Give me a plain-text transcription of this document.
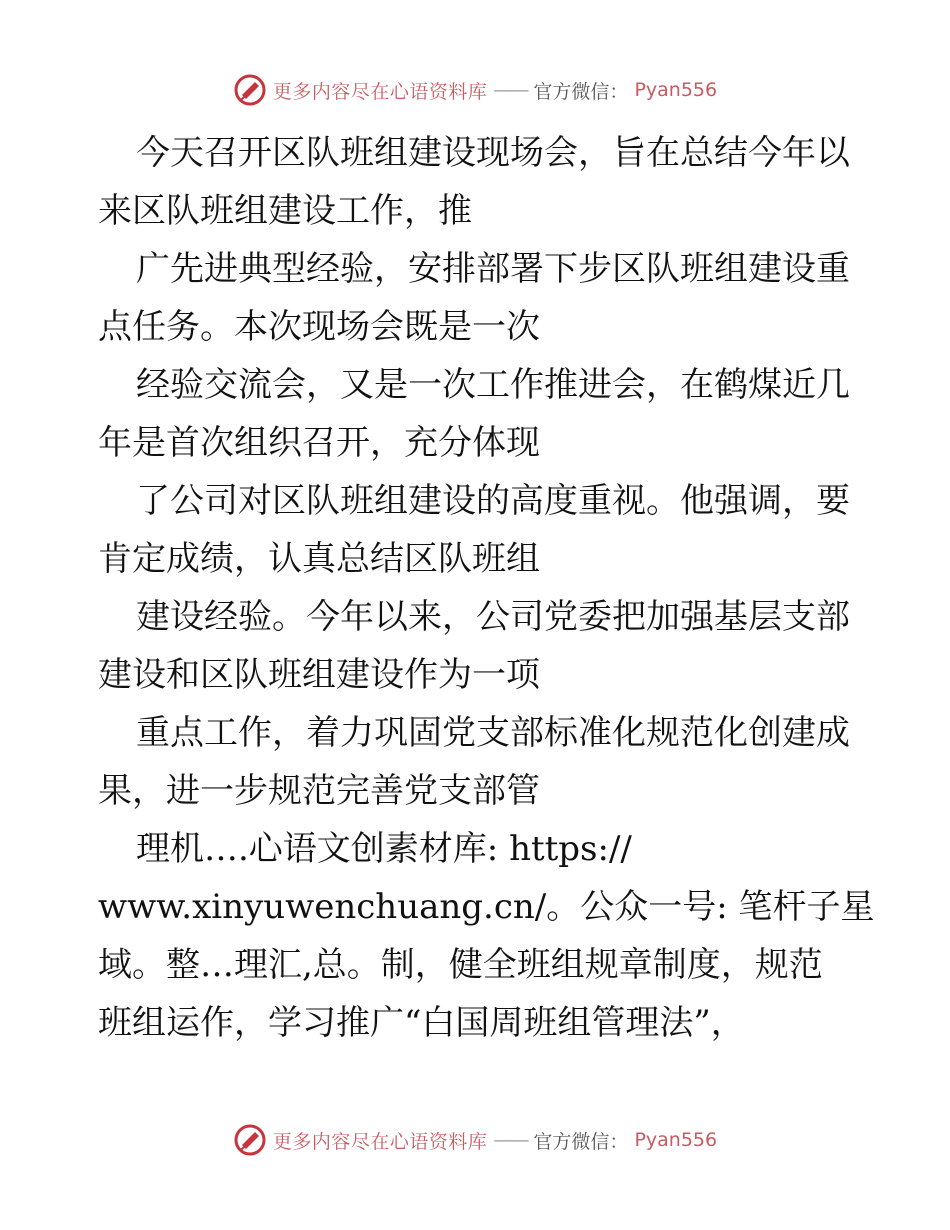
更多内容尽在心语资料库 —— 官方微信： Pyan556

今天召开区队班组建设现场会，旨在总结今年以

来区队班组建设工作，推

广先进典型经验，安排部署下步区队班组建设重

点任务。本次现场会既是一次

经验交流会，又是一次工作推进会，在鹤煤近几

年是首次组织召开，充分体现

了公司对区队班组建设的高度重视。他强调，要

肯定成绩，认真总结区队班组

建设经验。今年以来，公司党委把加强基层支部

建设和区队班组建设作为一项

重点工作，着力巩固党支部标准化规范化创建成

果，进一步规范完善党支部管

理机….心语文创素材库: https://

www.xinyuwenchuang.cn/。公众一号: 笔杆子星

域。整…理汇,总。制，健全班组规章制度，规范

班组运作，学习推广“白国周班组管理法”，

更多内容尽在心语资料库 —— 官方微信： Pyan556
